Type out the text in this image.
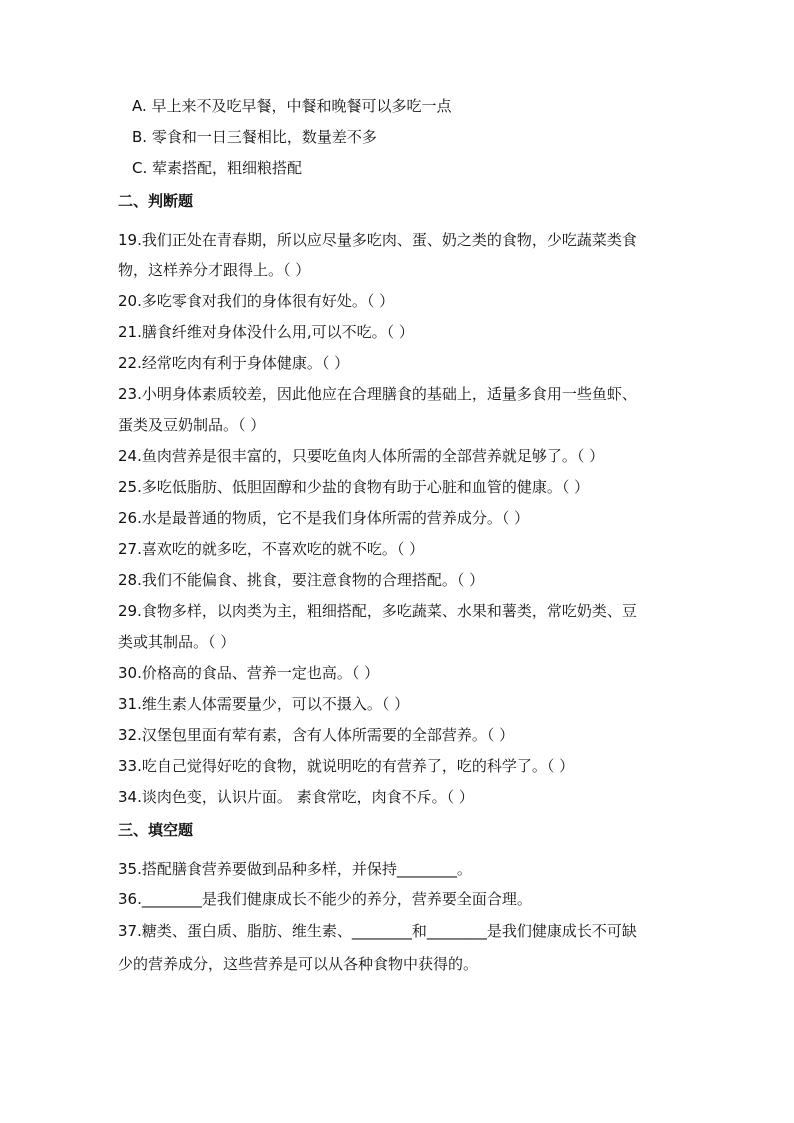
A. 早上来不及吃早餐，中餐和晚餐可以多吃一点
B. 零食和一日三餐相比，数量差不多
C. 荤素搭配，粗细粮搭配
二、判断题
19.我们正处在青春期，所以应尽量多吃肉、蛋、奶之类的食物，少吃蔬菜类食
物，这样养分才跟得上。（ ）
20.多吃零食对我们的身体很有好处。（ ）
21.膳食纤维对身体没什么用,可以不吃。（ ）
22.经常吃肉有利于身体健康。（ ）
23.小明身体素质较差，因此他应在合理膳食的基础上，适量多食用一些鱼虾、
蛋类及豆奶制品。（ ）
24.鱼肉营养是很丰富的，只要吃鱼肉人体所需的全部营养就足够了。（ ）
25.多吃低脂肪、低胆固醇和少盐的食物有助于心脏和血管的健康。（ ）
26.水是最普通的物质，它不是我们身体所需的营养成分。（ ）
27.喜欢吃的就多吃，不喜欢吃的就不吃。（ ）
28.我们不能偏食、挑食，要注意食物的合理搭配。（ ）
29.食物多样，以肉类为主，粗细搭配，多吃蔬菜、水果和薯类，常吃奶类、豆
类或其制品。（ ）
30.价格高的食品、营养一定也高。（ ）
31.维生素人体需要量少，可以不摄入。（ ）
32.汉堡包里面有荤有素，含有人体所需要的全部营养。（ ）
33.吃自己觉得好吃的食物，就说明吃的有营养了，吃的科学了。（ ）
34.谈肉色变，认识片面。 素食常吃，肉食不斥。（ ）
三、填空题
35.搭配膳食营养要做到品种多样，并保持________。
36.________是我们健康成长不能少的养分，营养要全面合理。
37.糖类、蛋白质、脂肪、维生素、________和________是我们健康成长不可缺
少的营养成分，这些营养是可以从各种食物中获得的。
